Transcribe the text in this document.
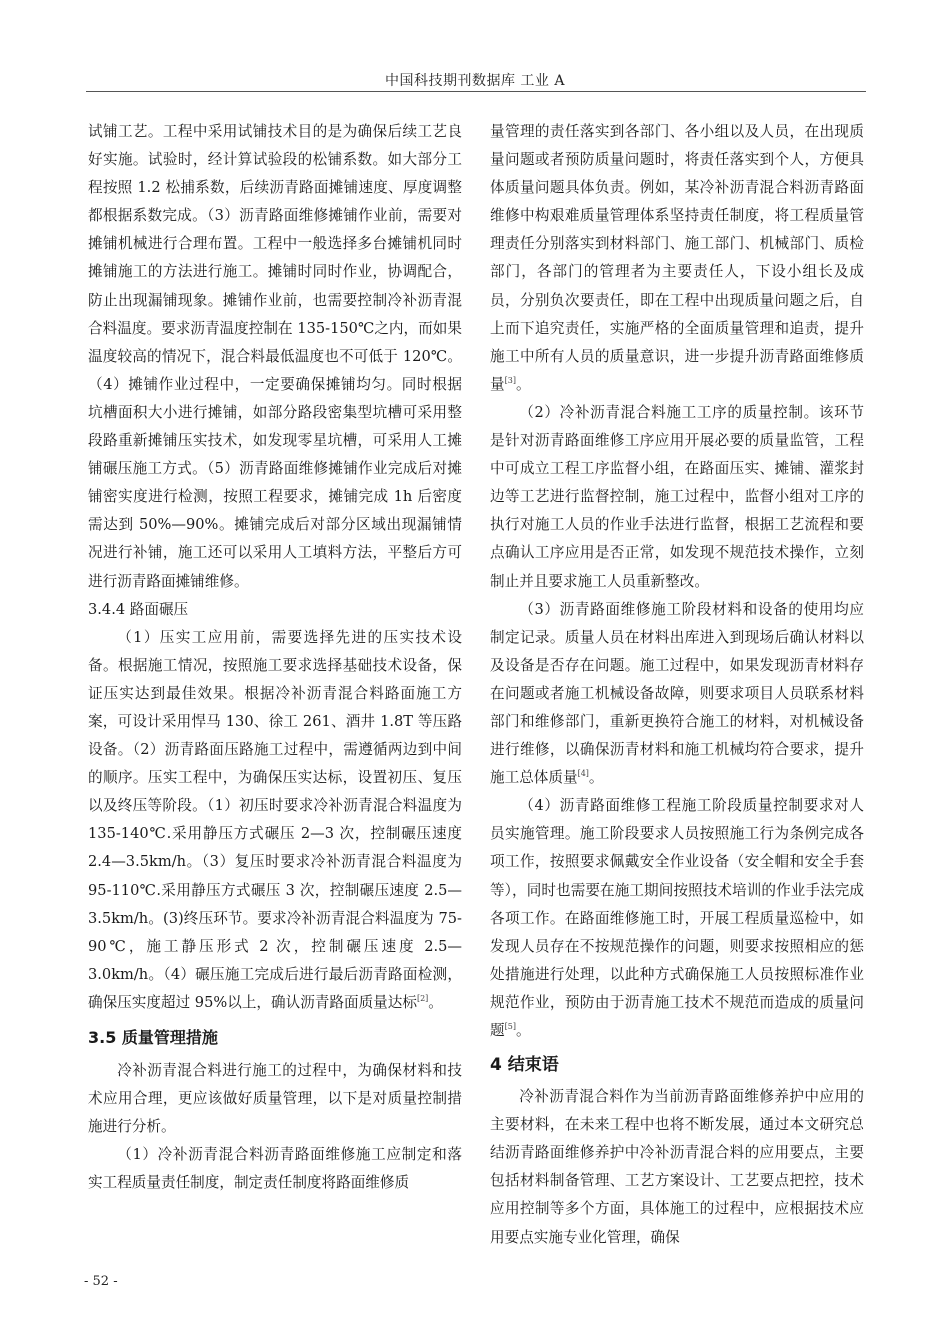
中国科技期刊数据库 工业 A

试铺工艺。工程中采用试铺技术目的是为确保后续工艺良好实施。试验时，经计算试验段的松铺系数。如大部分工程按照 1.2 松捕系数，后续沥青路面摊铺速度、厚度调整都根据系数完成。（3）沥青路面维修摊铺作业前，需要对摊铺机械进行合理布置。工程中一般选择多台摊铺机同时摊铺施工的方法进行施工。摊铺时同时作业，协调配合，防止出现漏铺现象。摊铺作业前，也需要控制冷补沥青混合料温度。要求沥青温度控制在 135-150℃之内，而如果温度较高的情况下，混合料最低温度也不可低于 120℃。（4）摊铺作业过程中，一定要确保摊铺均匀。同时根据坑槽面积大小进行摊铺，如部分路段密集型坑槽可采用整段路重新摊铺压实技术，如发现零星坑槽，可采用人工摊铺碾压施工方式。（5）沥青路面维修摊铺作业完成后对摊铺密实度进行检测，按照工程要求，摊铺完成 1h 后密度需达到 50%—90%。摊铺完成后对部分区域出现漏铺情况进行补铺，施工还可以采用人工填料方法，平整后方可进行沥青路面摊铺维修。

3.4.4 路面碾压

（1）压实工应用前，需要选择先进的压实技术设备。根据施工情况，按照施工要求选择基础技术设备，保证压实达到最佳效果。根据冷补沥青混合料路面施工方案，可设计采用悍马 130、徐工 261、酒井 1.8T 等压路设备。（2）沥青路面压路施工过程中，需遵循两边到中间的顺序。压实工程中，为确保压实达标，设置初压、复压以及终压等阶段。（1）初压时要求冷补沥青混合料温度为 135-140℃.采用静压方式碾压 2—3 次，控制碾压速度 2.4—3.5km/h。（3）复压时要求冷补沥青混合料温度为 95-110℃.采用静压方式碾压 3 次，控制碾压速度 2.5—3.5km/h。(3)终压环节。要求冷补沥青混合料温度为 75-90℃，施工静压形式 2 次，控制碾压速度 2.5—3.0km/h。（4）碾压施工完成后进行最后沥青路面检测，确保压实度超过 95%以上，确认沥青路面质量达标[2]。

3.5 质量管理措施

冷补沥青混合料进行施工的过程中，为确保材料和技术应用合理，更应该做好质量管理，以下是对质量控制措施进行分析。

（1）冷补沥青混合料沥青路面维修施工应制定和落实工程质量责任制度，制定责任制度将路面维修质

量管理的责任落实到各部门、各小组以及人员，在出现质量问题或者预防质量问题时，将责任落实到个人，方便具体质量问题具体负责。例如，某冷补沥青混合料沥青路面维修中构艰难质量管理体系坚持责任制度，将工程质量管理责任分别落实到材料部门、施工部门、机械部门、质检部门，各部门的管理者为主要责任人，下设小组长及成员，分别负次要责任，即在工程中出现质量问题之后，自上而下追究责任，实施严格的全面质量管理和追责，提升施工中所有人员的质量意识，进一步提升沥青路面维修质量[3]。

（2）冷补沥青混合料施工工序的质量控制。该环节是针对沥青路面维修工序应用开展必要的质量监管，工程中可成立工程工序监督小组，在路面压实、摊铺、灌浆封边等工艺进行监督控制，施工过程中，监督小组对工序的执行对施工人员的作业手法进行监督，根据工艺流程和要点确认工序应用是否正常，如发现不规范技术操作，立刻制止并且要求施工人员重新整改。

（3）沥青路面维修施工阶段材料和设备的使用均应制定记录。质量人员在材料出库进入到现场后确认材料以及设备是否存在问题。施工过程中，如果发现沥青材料存在问题或者施工机械设备故障，则要求项目人员联系材料部门和维修部门，重新更换符合施工的材料，对机械设备进行维修，以确保沥青材料和施工机械均符合要求，提升施工总体质量[4]。

（4）沥青路面维修工程施工阶段质量控制要求对人员实施管理。施工阶段要求人员按照施工行为条例完成各项工作，按照要求佩戴安全作业设备（安全帽和安全手套等），同时也需要在施工期间按照技术培训的作业手法完成各项工作。在路面维修施工时，开展工程质量巡检中，如发现人员存在不按规范操作的问题，则要求按照相应的惩处措施进行处理，以此种方式确保施工人员按照标准作业规范作业，预防由于沥青施工技术不规范而造成的质量问题[5]。

4 结束语

冷补沥青混合料作为当前沥青路面维修养护中应用的主要材料，在未来工程中也将不断发展，通过本文研究总结沥青路面维修养护中冷补沥青混合料的应用要点，主要包括材料制备管理、工艺方案设计、工艺要点把控，技术应用控制等多个方面，具体施工的过程中，应根据技术应用要点实施专业化管理，确保

- 52 -
